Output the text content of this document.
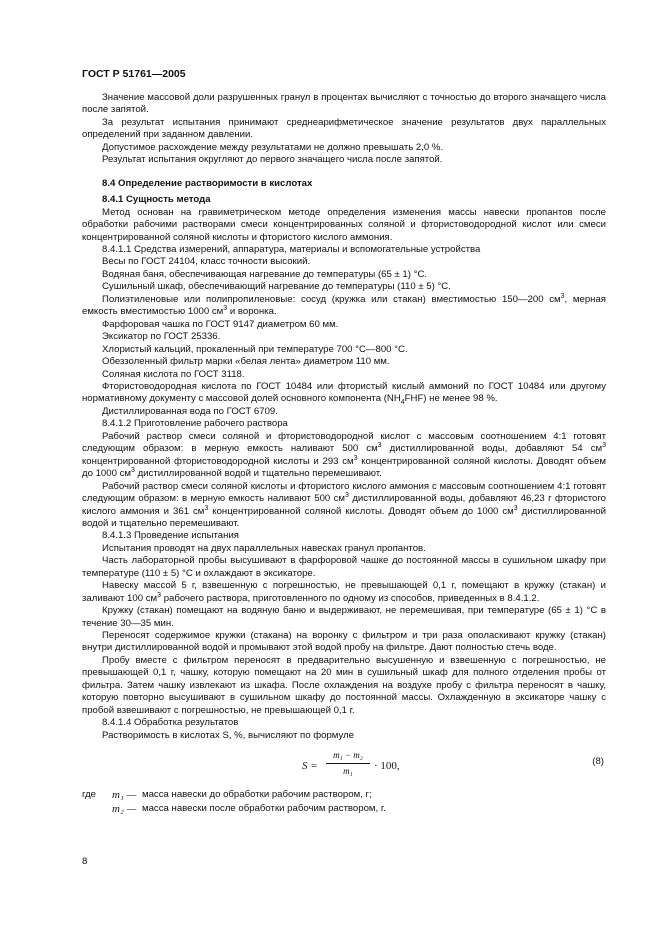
ГОСТ Р 51761—2005

Значение массовой доли разрушенных гранул в процентах вычисляют с точностью до второго значащего числа после запятой.

За результат испытания принимают среднеарифметическое значение результатов двух параллельных определений при заданном давлении.

Допустимое расхождение между результатами не должно превышать 2,0 %.

Результат испытания округляют до первого значащего числа после запятой.

8.4 Определение растворимости в кислотах

8.4.1 Сущность метода

Метод основан на гравиметрическом методе определения изменения массы навески пропантов после обработки рабочими растворами смеси концентрированных соляной и фтористоводородной кислот или смеси концентрированной соляной кислоты и фтористого кислого аммония.

8.4.1.1 Средства измерений, аппаратура, материалы и вспомогательные устройства

Весы по ГОСТ 24104, класс точности высокий.

Водяная баня, обеспечивающая нагревание до температуры (65 ± 1) °C.

Сушильный шкаф, обеспечивающий нагревание до температуры (110 ± 5) °C.

Полиэтиленовые или полипропиленовые: сосуд (кружка или стакан) вместимостью 150—200 $см^3$, мерная емкость вместимостью 1000 $см^3$ и воронка.

Фарфоровая чашка по ГОСТ 9147 диаметром 60 мм.

Эксикатор по ГОСТ 25336.

Хлористый кальций, прокаленный при температуре 700 °C—800 °C.

Обеззоленный фильтр марки «белая лента» диаметром 110 мм.

Соляная кислота по ГОСТ 3118.

Фтористоводородная кислота по ГОСТ 10484 или фтористый кислый аммоний по ГОСТ 10484 или другому нормативному документу с массовой долей основного компонента $(NH_4FHF)$ не менее 98 %.

Дистиллированная вода по ГОСТ 6709.

8.4.1.2 Приготовление рабочего раствора

Рабочий раствор смеси соляной и фтористоводородной кислот с массовым соотношением 4:1 готовят следующим образом: в мерную емкость наливают 500 $см^3$ дистиллированной воды, добавляют 54 $см^3$ концентрированной фтористоводородной кислоты и 293 $см^3$ концентрированной соляной кислоты. Доводят объем до 1000 $см^3$ дистиллированной водой и тщательно перемешивают.

Рабочий раствор смеси соляной кислоты и фтористого кислого аммония с массовым соотношением 4:1 готовят следующим образом: в мерную емкость наливают 500 $см^3$ дистиллированной воды, добавляют 46,23 г фтористого кислого аммония и 361 $см^3$ концентрированной соляной кислоты. Доводят объем до 1000 $см^3$ дистиллированной водой и тщательно перемешивают.

8.4.1.3 Проведение испытания

Испытания проводят на двух параллельных навесках гранул пропантов.

Часть лабораторной пробы высушивают в фарфоровой чашке до постоянной массы в сушильном шкафу при температуре (110 ± 5) °C и охлаждают в эксикаторе.

Навеску массой 5 г, взвешенную с погрешностью, не превышающей 0,1 г, помещают в кружку (стакан) и заливают 100 $см^3$ рабочего раствора, приготовленного по одному из способов, приведенных в 8.4.1.2.

Кружку (стакан) помещают на водяную баню и выдерживают, не перемешивая, при температуре (65 ± 1) °C в течение 30—35 мин.

Переносят содержимое кружки (стакана) на воронку с фильтром и три раза ополаскивают кружку (стакан) внутри дистиллированной водой и промывают этой водой пробу на фильтре. Дают полностью стечь воде.

Пробу вместе с фильтром переносят в предварительно высушенную и взвешенную с погрешностью, не превышающей 0,1 г, чашку, которую помещают на 20 мин в сушильный шкаф для полного отделения пробы от фильтра. Затем чашку извлекают из шкафа. После охлаждения на воздухе пробу с фильтра переносят в чашку, которую повторно высушивают в сушильном шкафу до постоянной массы. Охлажденную в эксикаторе чашку с пробой взвешивают с погрешностью, не превышающей 0,1 г.

8.4.1.4 Обработка результатов

Растворимость в кислотах S, %, вычисляют по формуле

$S = \frac{\text{m₁ − m₂}}{\text{m₁}} \cdot 100$,	(8)
где	m₁ — масса навески до обработки рабочим раствором, г;
m₂ — масса навески после обработки рабочим раствором, г.
8
